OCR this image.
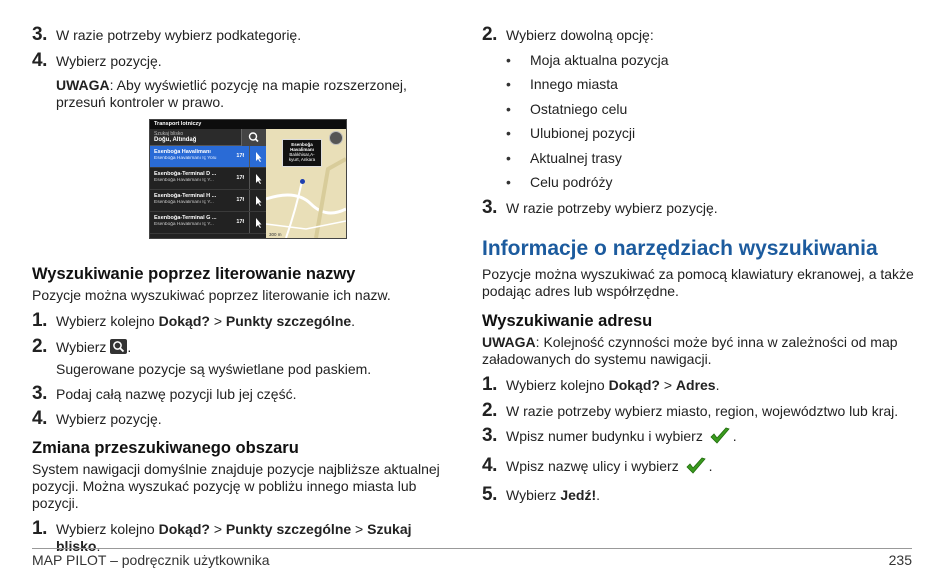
3. W razie potrzeby wybierz podkategorię.
4. Wybierz pozycję.
UWAGA: Aby wyświetlić pozycję na mapie rozszerzonej, przesuń kontroler w prawo.
Transport lotniczy
Szukaj blisko
Doğu, Altındağ
Esenboğa Havalimanı
Esenboğa Havalimanı İç Yolu	17ł
Esenboğa-Terminal D ...
Esenboğa Havalimanı İç Y...	17ł
Esenboğa-Terminal H ...
Esenboğa Havalimanı İç Y...	17ł
Esenboğa-Terminal G ...
Esenboğa Havalimanı İç Y...	17ł
Esenboğa
Havalimanı
Balıkhisar,A-
kyurt, Ankara
300 m
Wyszukiwanie poprzez literowanie nazwy
Pozycje można wyszukiwać poprzez literowanie ich nazw.
1. Wybierz kolejno Dokąd? > Punkty szczególne.
2. Wybierz
.
Sugerowane pozycje są wyświetlane pod paskiem.
3. Podaj całą nazwę pozycji lub jej część.
4. Wybierz pozycję.
Zmiana przeszukiwanego obszaru
System nawigacji domyślnie znajduje pozycje najbliższe aktualnej pozycji. Można wyszukać pozycję w pobliżu innego miasta lub pozycji.
1. Wybierz kolejno Dokąd? > Punkty szczególne > Szukaj blisko.
2. Wybierz dowolną opcję:
• Moja aktualna pozycja
• Innego miasta
• Ostatniego celu
• Ulubionej pozycji
• Aktualnej trasy
• Celu podróży
3. W razie potrzeby wybierz pozycję.
Informacje o narzędziach wyszukiwania
Pozycje można wyszukiwać za pomocą klawiatury ekranowej, a także podając adres lub współrzędne.
Wyszukiwanie adresu
UWAGA: Kolejność czynności może być inna w zależności od map załadowanych do systemu nawigacji.
1. Wybierz kolejno Dokąd? > Adres.
2. W razie potrzeby wybierz miasto, region, województwo lub kraj.
3. Wpisz numer budynku i wybierz .
4. Wpisz nazwę ulicy i wybierz .
5. Wybierz Jedź!.
MAP PILOT – podręcznik użytkownika	235
